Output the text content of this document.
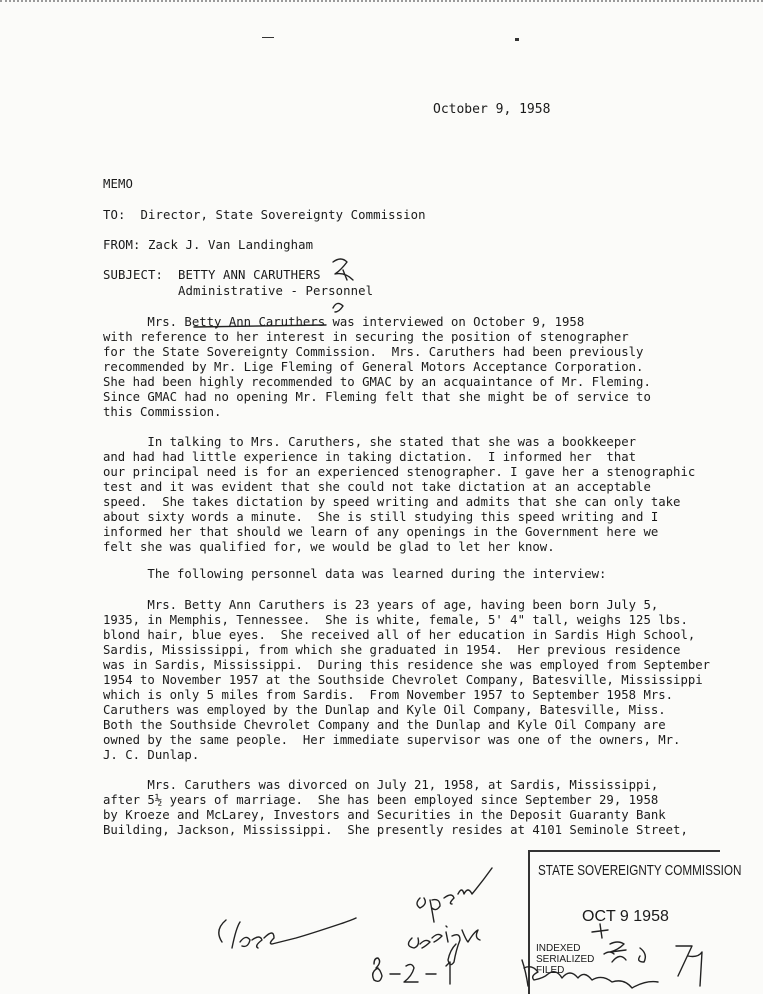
October 9, 1958
MEMO
TO:  Director, State Sovereignty Commission
FROM: Zack J. Van Landingham
SUBJECT:  BETTY ANN CARUTHERS
Administrative - Personnel
Mrs. Betty Ann Caruthers was interviewed on October 9, 1958
with reference to her interest in securing the position of stenographer
for the State Sovereignty Commission.  Mrs. Caruthers had been previously
recommended by Mr. Lige Fleming of General Motors Acceptance Corporation.
She had been highly recommended to GMAC by an acquaintance of Mr. Fleming.
Since GMAC had no opening Mr. Fleming felt that she might be of service to
this Commission.
In talking to Mrs. Caruthers, she stated that she was a bookkeeper
and had had little experience in taking dictation.  I informed her  that
our principal need is for an experienced stenographer. I gave her a stenographic
test and it was evident that she could not take dictation at an acceptable
speed.  She takes dictation by speed writing and admits that she can only take
about sixty words a minute.  She is still studying this speed writing and I
informed her that should we learn of any openings in the Government here we
felt she was qualified for, we would be glad to let her know.
The following personnel data was learned during the interview:
Mrs. Betty Ann Caruthers is 23 years of age, having been born July 5,
1935, in Memphis, Tennessee.  She is white, female, 5' 4" tall, weighs 125 lbs.
blond hair, blue eyes.  She received all of her education in Sardis High School,
Sardis, Mississippi, from which she graduated in 1954.  Her previous residence
was in Sardis, Mississippi.  During this residence she was employed from September
1954 to November 1957 at the Southside Chevrolet Company, Batesville, Mississippi
which is only 5 miles from Sardis.  From November 1957 to September 1958 Mrs.
Caruthers was employed by the Dunlap and Kyle Oil Company, Batesville, Miss.
Both the Southside Chevrolet Company and the Dunlap and Kyle Oil Company are
owned by the same people.  Her immediate supervisor was one of the owners, Mr.
J. C. Dunlap.
Mrs. Caruthers was divorced on July 21, 1958, at Sardis, Mississippi,
after 5½ years of marriage.  She has been employed since September 29, 1958
by Kroeze and McLarey, Investors and Securities in the Deposit Guaranty Bank
Building, Jackson, Mississippi.  She presently resides at 4101 Seminole Street,
STATE SOVEREIGNTY COMMISSION
OCT 9 1958
INDEXED
SERIALIZED
FILED
